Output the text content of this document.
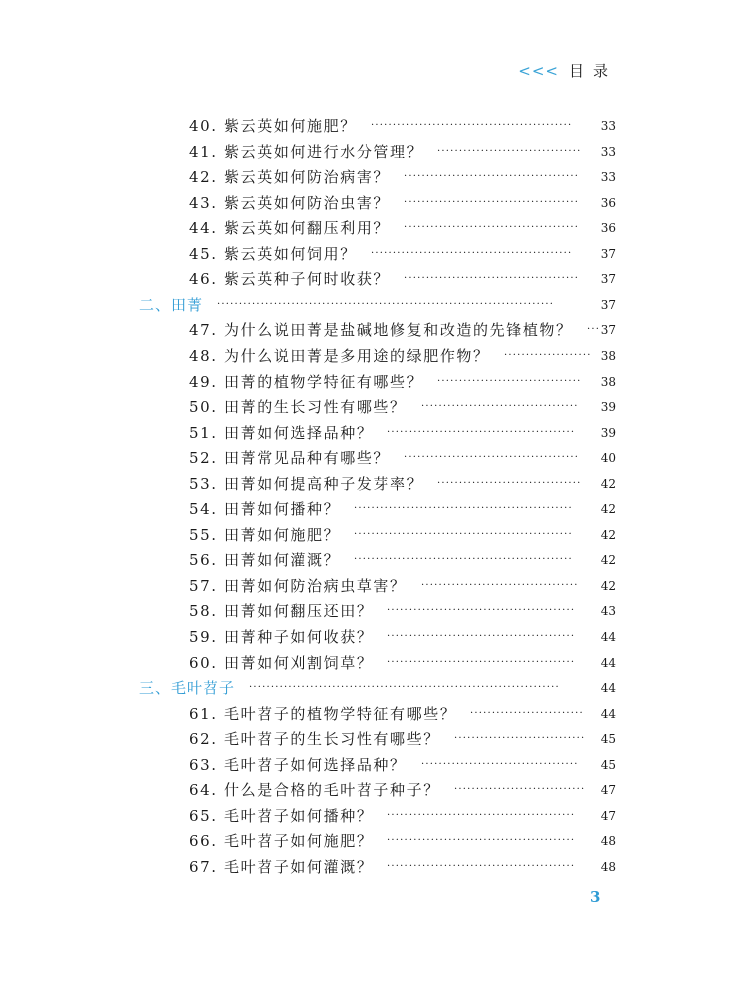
<<< 目录
40. 紫云英如何施肥？ ··············································	33
41. 紫云英如何进行水分管理？ ·································	33
42. 紫云英如何防治病害？ ········································	33
43. 紫云英如何防治虫害？ ········································	36
44. 紫云英如何翻压利用？ ········································	36
45. 紫云英如何饲用？ ··············································	37
46. 紫云英种子何时收获？ ········································	37
二、田菁 ·············································································	37
47. 为什么说田菁是盐碱地修复和改造的先锋植物？ ··· 37
48. 为什么说田菁是多用途的绿肥作物？ ···················· 38
49. 田菁的植物学特征有哪些？ ·································	38
50. 田菁的生长习性有哪些？ ····································	39
51. 田菁如何选择品种？ ···········································	39
52. 田菁常见品种有哪些？ ········································	40
53. 田菁如何提高种子发芽率？ ·································	42
54. 田菁如何播种？ ··················································	42
55. 田菁如何施肥？ ··················································	42
56. 田菁如何灌溉？ ··················································	42
57. 田菁如何防治病虫草害？ ····································	42
58. 田菁如何翻压还田？ ···········································	43
59. 田菁种子如何收获？ ···········································	44
60. 田菁如何刈割饲草？ ···········································	44
三、毛叶苕子 ·······································································	44
61. 毛叶苕子的植物学特征有哪些？ ··························	44
62. 毛叶苕子的生长习性有哪些？ ······························	45
63. 毛叶苕子如何选择品种？ ····································	45
64. 什么是合格的毛叶苕子种子？ ······························	47
65. 毛叶苕子如何播种？ ···········································	47
66. 毛叶苕子如何施肥？ ···········································	48
67. 毛叶苕子如何灌溉？ ···········································	48
3
